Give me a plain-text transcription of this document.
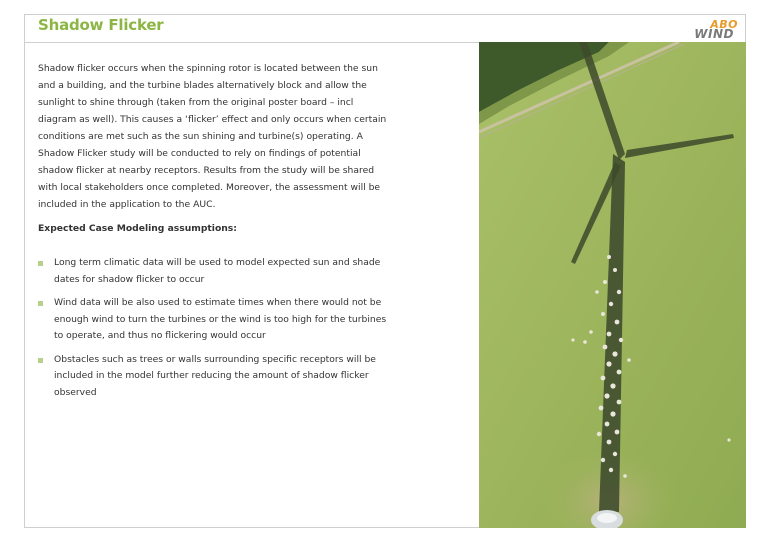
Shadow Flicker	ABO
WIND
Shadow flicker occurs when the spinning rotor is located between the sun and a building, and the turbine blades alternatively block and allow the sunlight to shine through (taken from the original poster board – incl diagram as well). This causes a ‘flicker’ effect and only occurs when certain conditions are met such as the sun shining and turbine(s) operating. A Shadow Flicker study will be conducted to rely on findings of potential shadow flicker at nearby receptors. Results from the study will be shared with local stakeholders once completed. Moreover, the assessment will be included in the application to the AUC.
Expected Case Modeling assumptions:
Long term climatic data will be used to model expected sun and shade dates for shadow flicker to occur
Wind data will be also used to estimate times when there would not be enough wind to turn the turbines or the wind is too high for the turbines to operate, and thus no flickering would occur
Obstacles such as trees or walls surrounding specific receptors will be included in the model further reducing the amount of shadow flicker observed
